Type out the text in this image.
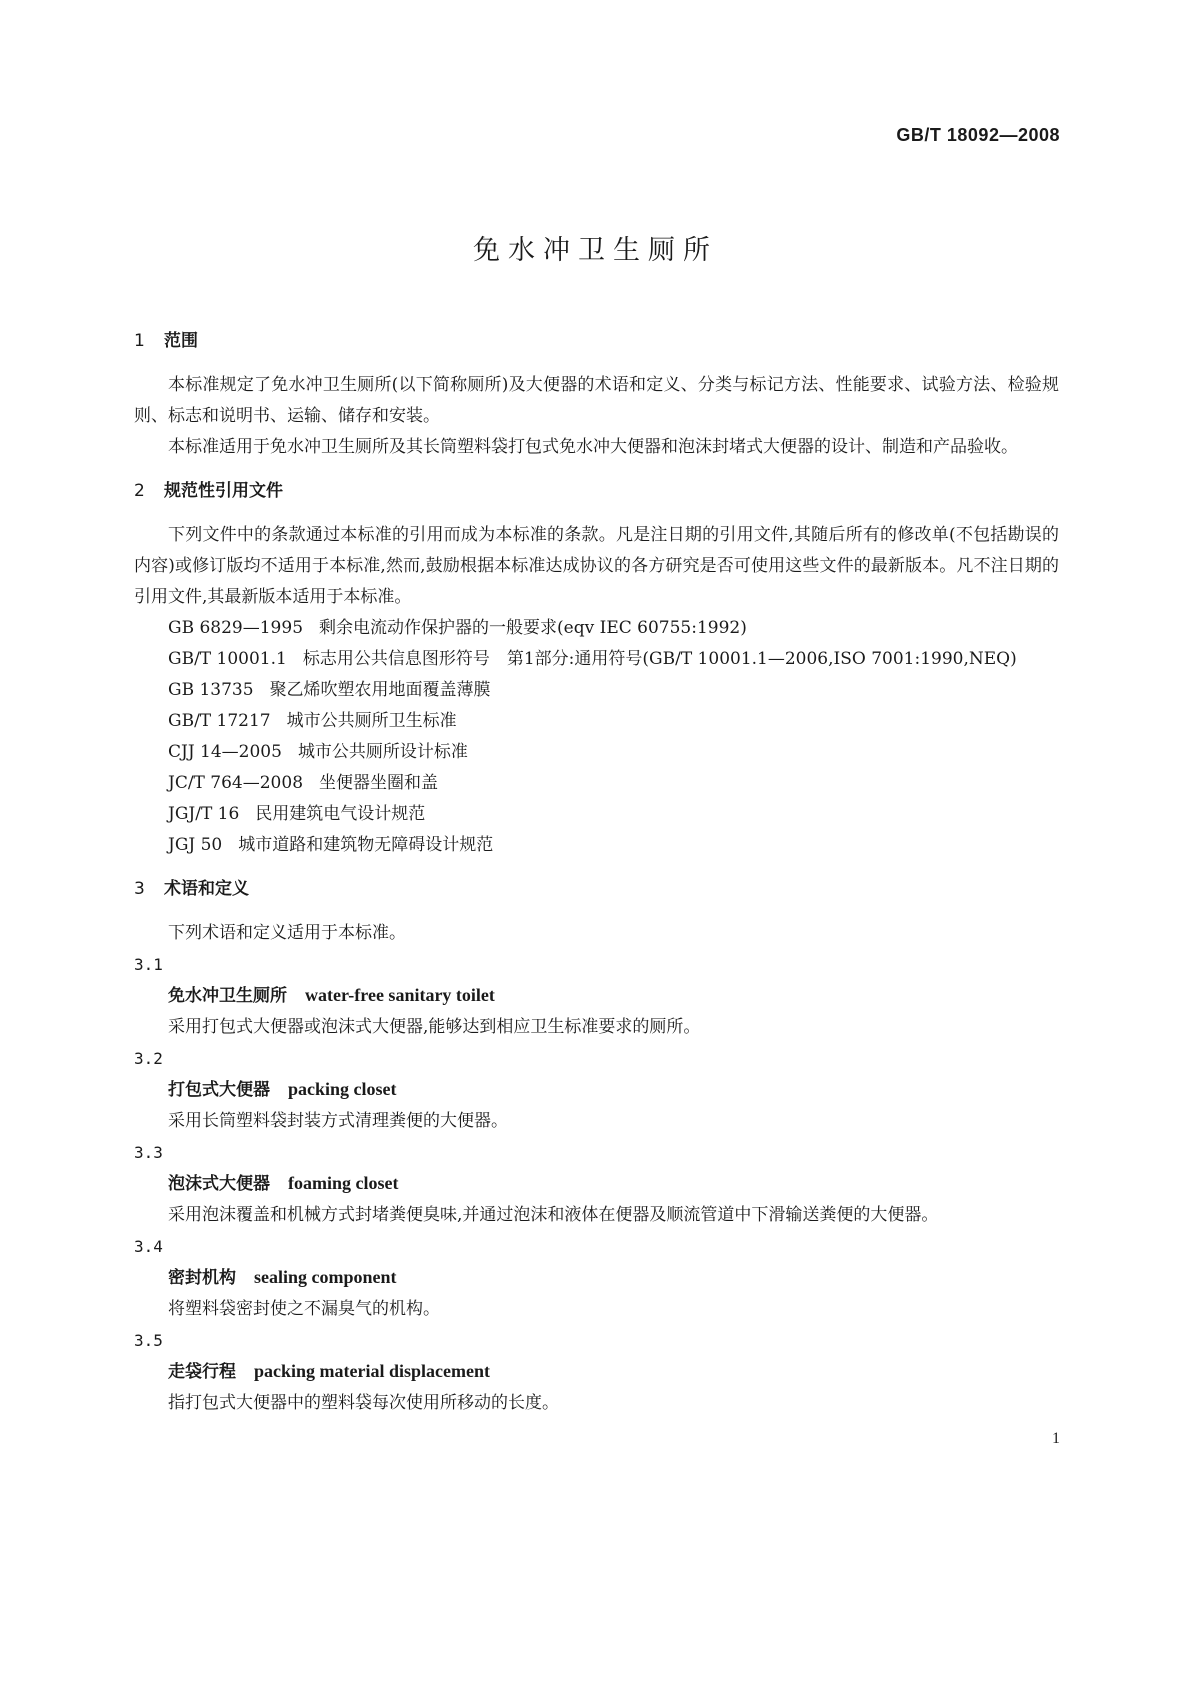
GB/T 18092—2008
免水冲卫生厕所
1 范围

本标准规定了免水冲卫生厕所(以下简称厕所)及大便器的术语和定义、分类与标记方法、性能要求、试验方法、检验规则、标志和说明书、运输、储存和安装。

本标准适用于免水冲卫生厕所及其长筒塑料袋打包式免水冲大便器和泡沫封堵式大便器的设计、制造和产品验收。

2 规范性引用文件

下列文件中的条款通过本标准的引用而成为本标准的条款。凡是注日期的引用文件,其随后所有的修改单(不包括勘误的内容)或修订版均不适用于本标准,然而,鼓励根据本标准达成协议的各方研究是否可使用这些文件的最新版本。凡不注日期的引用文件,其最新版本适用于本标准。

GB 6829—1995 剩余电流动作保护器的一般要求(eqv IEC 60755:1992)

GB/T 10001.1 标志用公共信息图形符号　第1部分:通用符号(GB/T 10001.1—2006,ISO 7001:1990,NEQ)

GB 13735 聚乙烯吹塑农用地面覆盖薄膜

GB/T 17217 城市公共厕所卫生标准

CJJ 14—2005 城市公共厕所设计标准

JC/T 764—2008 坐便器坐圈和盖

JGJ/T 16 民用建筑电气设计规范

JGJ 50 城市道路和建筑物无障碍设计规范

3 术语和定义

下列术语和定义适用于本标准。

3.1

免水冲卫生厕所 water-free sanitary toilet

采用打包式大便器或泡沫式大便器,能够达到相应卫生标准要求的厕所。

3.2

打包式大便器 packing closet

采用长筒塑料袋封装方式清理粪便的大便器。

3.3

泡沫式大便器 foaming closet

采用泡沫覆盖和机械方式封堵粪便臭味,并通过泡沫和液体在便器及顺流管道中下滑输送粪便的大便器。

3.4

密封机构 sealing component

将塑料袋密封使之不漏臭气的机构。

3.5

走袋行程 packing material displacement

指打包式大便器中的塑料袋每次使用所移动的长度。

1
